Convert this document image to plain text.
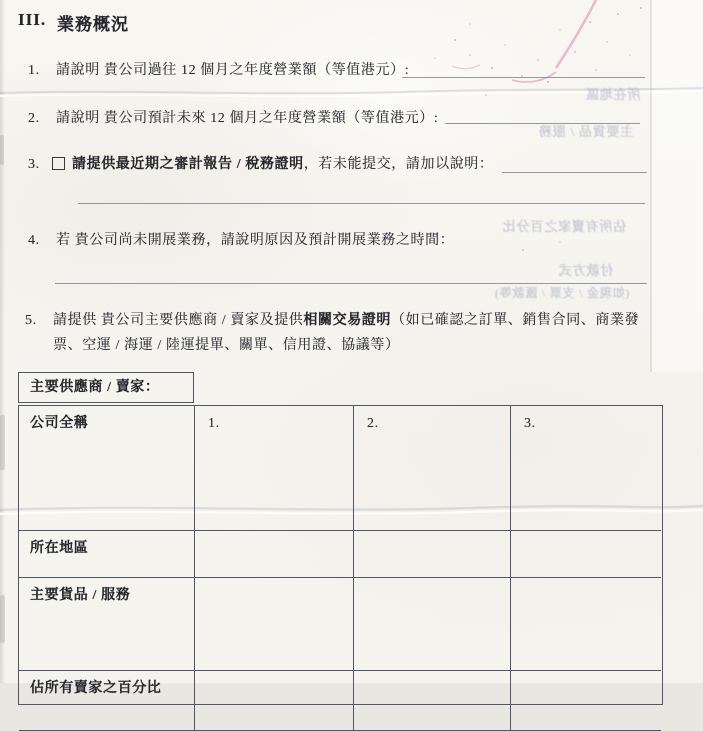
所在地區
主要貨品 / 服務
佔所有賣家之百分比
付款方式
(如現金 / 支票 / 匯款等)
III. 業務概況
1. 請說明 貴公司過往 12 個月之年度營業額（等值港元）:
2. 請說明 貴公司預計未來 12 個月之年度營業額（等值港元）:
3. 請提供最近期之審計報告 / 稅務證明，若未能提交，請加以說明：
4. 若 貴公司尚未開展業務，請說明原因及預計開展業務之時間：
5. 請提供 貴公司主要供應商 / 賣家及提供相關交易證明（如已確認之訂單、銷售合同、商業發
票、空運 / 海運 / 陸運提單、關單、信用證、協議等）
主要供應商 / 賣家：
公司全稱	1.	2.	3.
所在地區
主要貨品 / 服務
佔所有賣家之百分比
